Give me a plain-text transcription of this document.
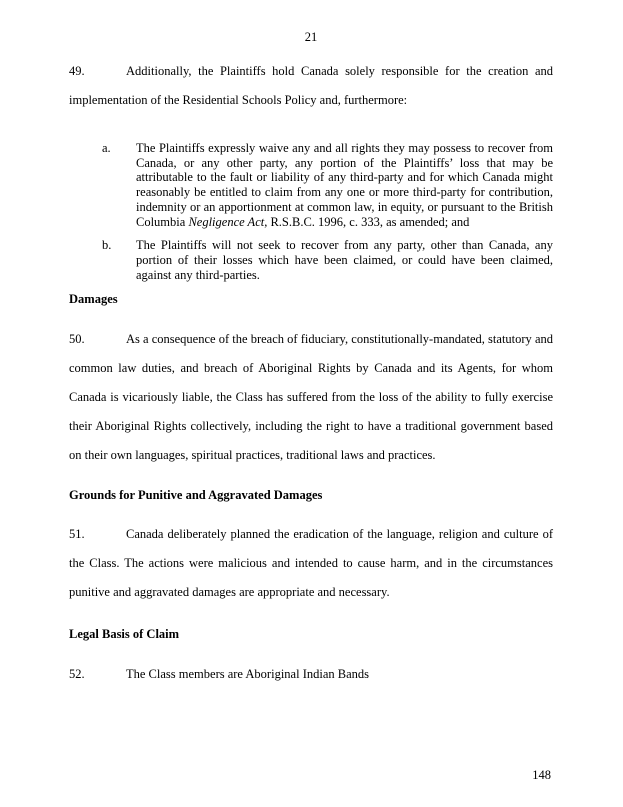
21

49.	Additionally, the Plaintiffs hold Canada solely responsible for the creation and implementation of the Residential Schools Policy and, furthermore:

a. The Plaintiffs expressly waive any and all rights they may possess to recover from Canada, or any other party, any portion of the Plaintiffs’ loss that may be attributable to the fault or liability of any third-party and for which Canada might reasonably be entitled to claim from any one or more third-party for contribution, indemnity or an apportionment at common law, in equity, or pursuant to the British Columbia Negligence Act, R.S.B.C. 1996, c. 333, as amended; and
b. The Plaintiffs will not seek to recover from any party, other than Canada, any portion of their losses which have been claimed, or could have been claimed, against any third-parties.
Damages

50.	As a consequence of the breach of fiduciary, constitutionally-mandated, statutory and common law duties, and breach of Aboriginal Rights by Canada and its Agents, for whom Canada is vicariously liable, the Class has suffered from the loss of the ability to fully exercise their Aboriginal Rights collectively, including the right to have a traditional government based on their own languages, spiritual practices, traditional laws and practices.

Grounds for Punitive and Aggravated Damages

51.	Canada deliberately planned the eradication of the language, religion and culture of the Class. The actions were malicious and intended to cause harm, and in the circumstances punitive and aggravated damages are appropriate and necessary.

Legal Basis of Claim

52.	The Class members are Aboriginal Indian Bands

148
